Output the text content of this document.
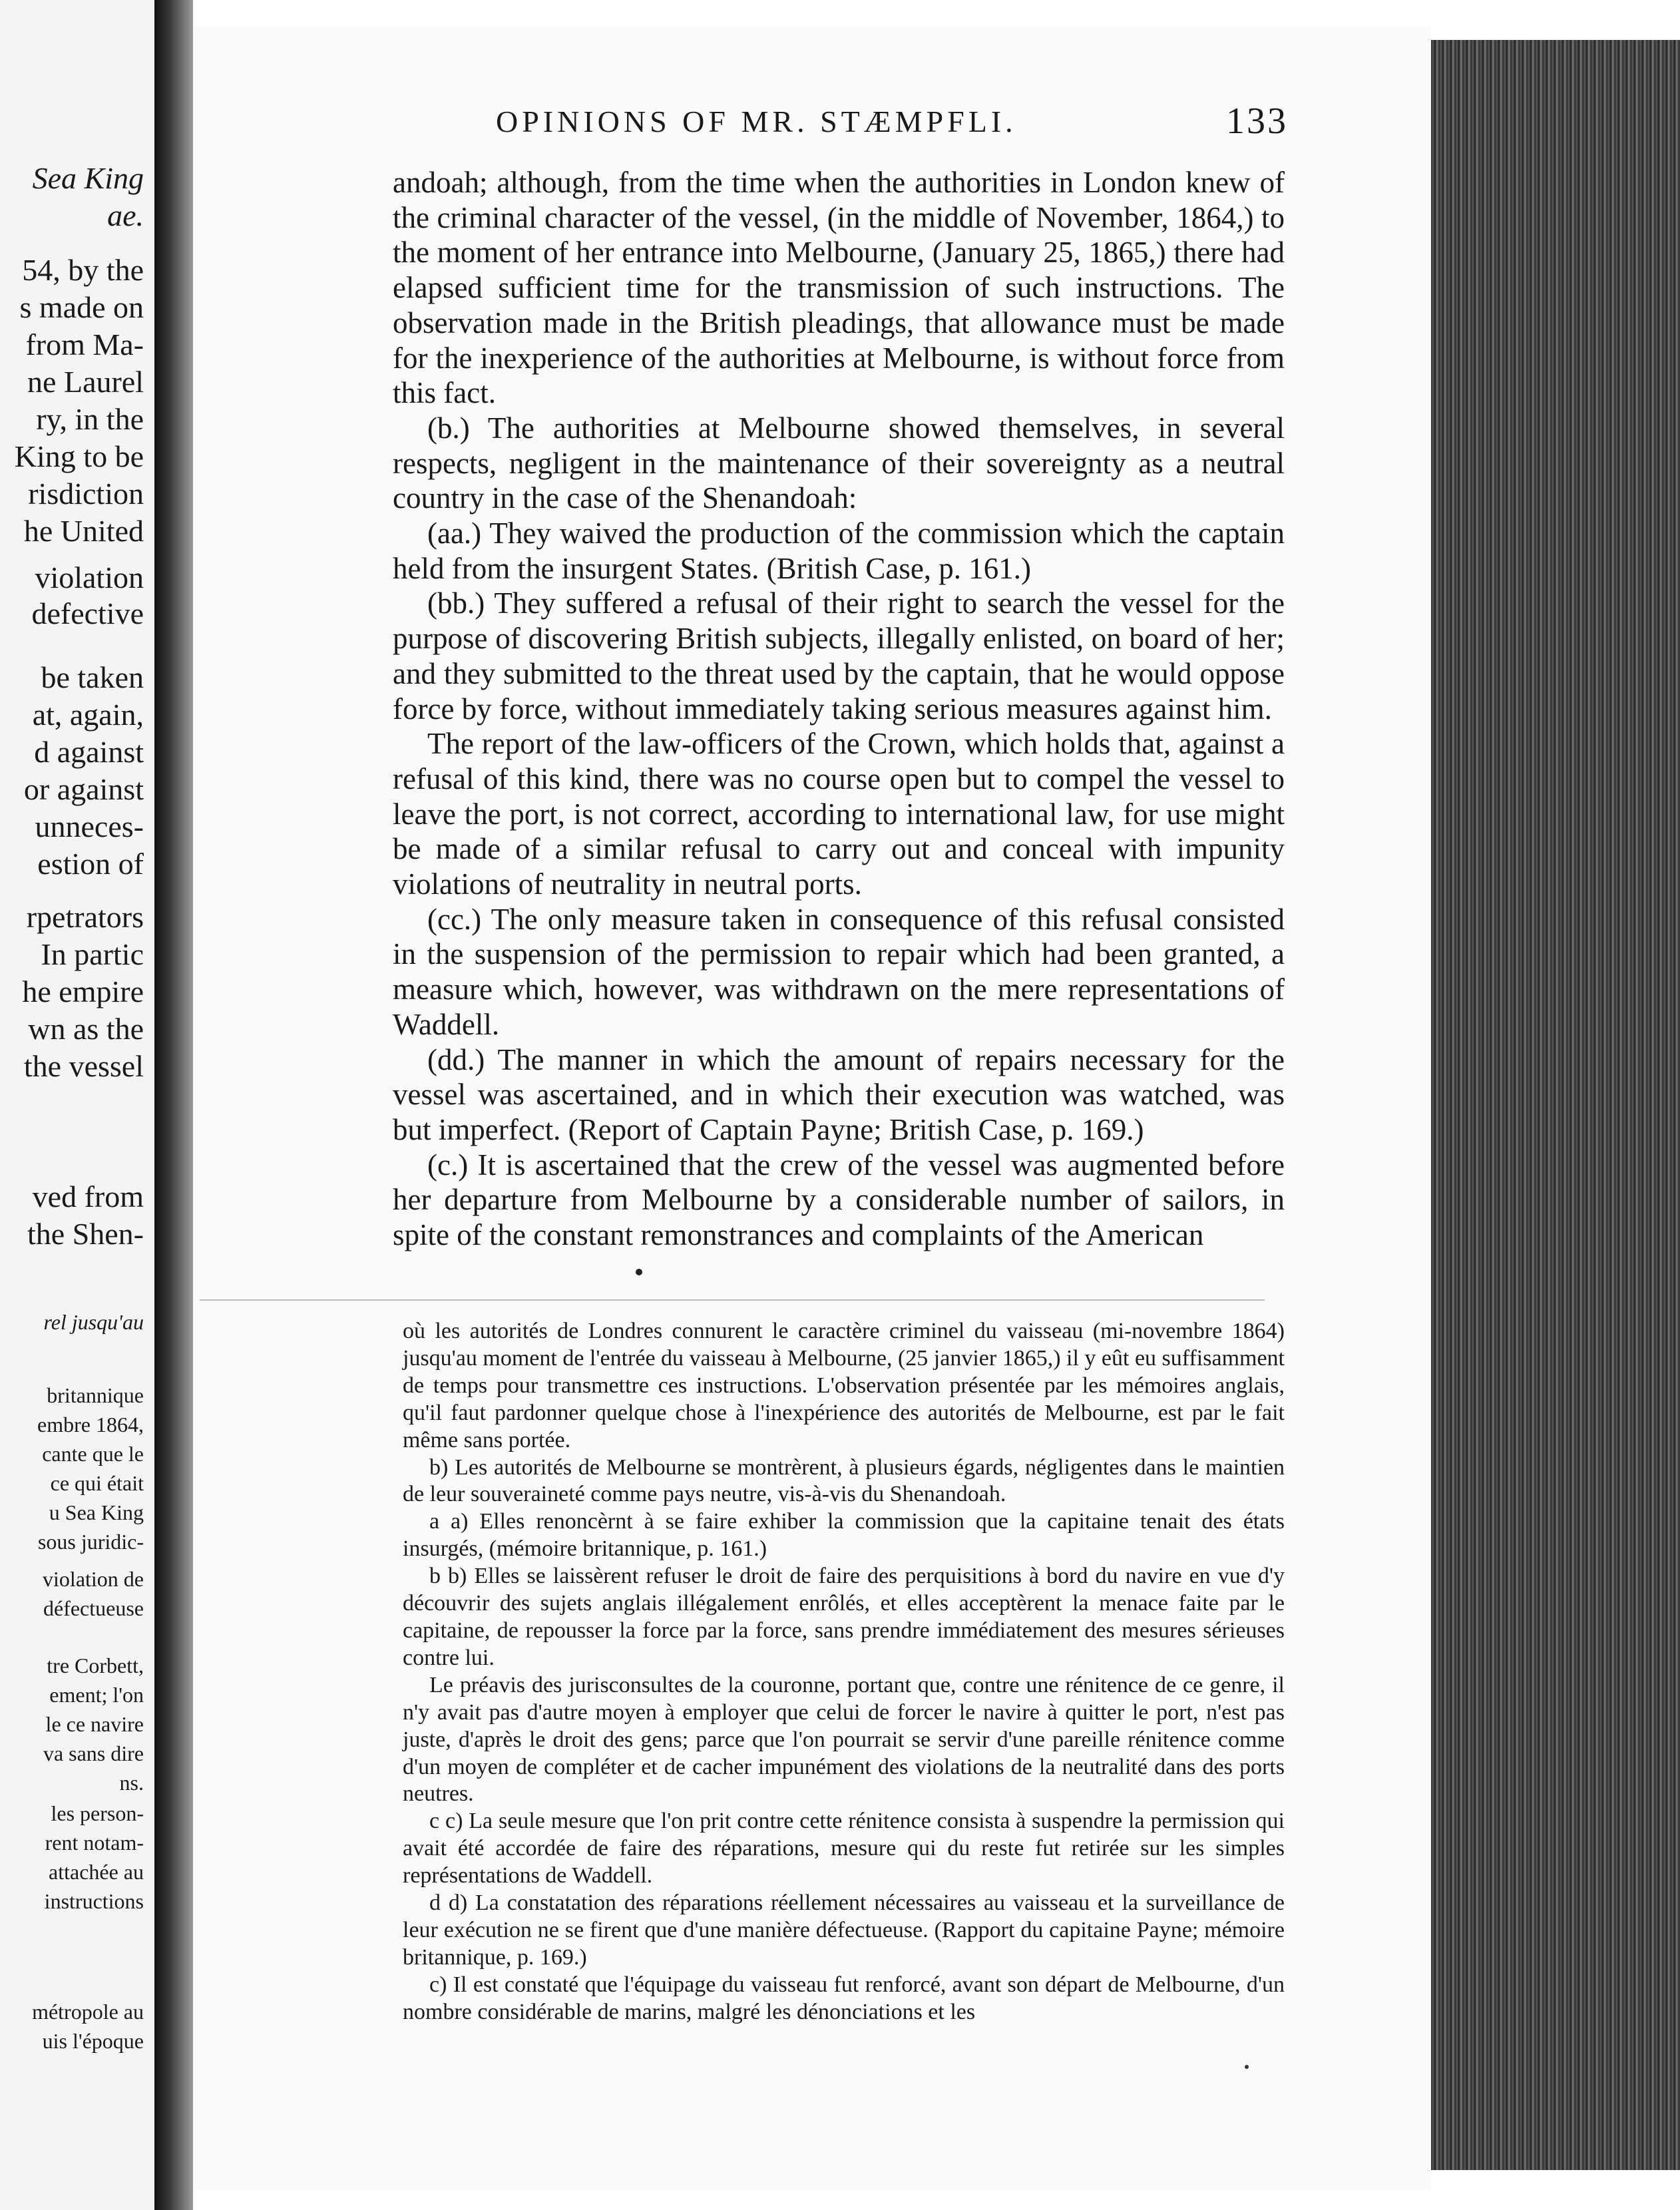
Sea King
ae.
54, by the
s made on
from Ma-
ne Laurel
ry, in the
King to be
risdiction
he United
violation
defective
be taken
at, again,
d against
or against
unneces-
estion of
rpetrators
In partic
he empire
wn as the
the vessel
ved from
the Shen-
rel jusqu'au
britannique
embre 1864,
cante que le
ce qui était
u Sea King
sous juridic-
violation de
défectueuse
tre Corbett,
ement; l'on
le ce navire
va sans dire
ns.
les person-
rent notam-
attachée au
instructions
métropole au
uis l'époque
OPINIONS OF MR. STÆMPFLI.	133

andoah; although, from the time when the authorities in London knew of the criminal character of the vessel, (in the middle of November, 1864,) to the moment of her entrance into Melbourne, (January 25, 1865,) there had elapsed sufficient time for the transmission of such instructions. The observation made in the British pleadings, that allowance must be made for the inexperience of the authorities at Melbourne, is without force from this fact.

(b.) The authorities at Melbourne showed themselves, in several respects, negligent in the maintenance of their sovereignty as a neutral country in the case of the Shenandoah:

(aa.) They waived the production of the commission which the captain held from the insurgent States. (British Case, p. 161.)

(bb.) They suffered a refusal of their right to search the vessel for the purpose of discovering British subjects, illegally enlisted, on board of her; and they submitted to the threat used by the captain, that he would oppose force by force, without immediately taking serious measures against him.

The report of the law-officers of the Crown, which holds that, against a refusal of this kind, there was no course open but to compel the vessel to leave the port, is not correct, according to international law, for use might be made of a similar refusal to carry out and conceal with impunity violations of neutrality in neutral ports.

(cc.) The only measure taken in consequence of this refusal consisted in the suspension of the permission to repair which had been granted, a measure which, however, was withdrawn on the mere representations of Waddell.

(dd.) The manner in which the amount of repairs necessary for the vessel was ascertained, and in which their execution was watched, was but imperfect. (Report of Captain Payne; British Case, p. 169.)

(c.) It is ascertained that the crew of the vessel was augmented before her departure from Melbourne by a considerable number of sailors, in spite of the constant remonstrances and complaints of the American

où les autorités de Londres connurent le caractère criminel du vaisseau (mi-novembre 1864) jusqu'au moment de l'entrée du vaisseau à Melbourne, (25 janvier 1865,) il y eût eu suffisamment de temps pour transmettre ces instructions. L'observation présentée par les mémoires anglais, qu'il faut pardonner quelque chose à l'inexpérience des autorités de Melbourne, est par le fait même sans portée.

b) Les autorités de Melbourne se montrèrent, à plusieurs égards, négligentes dans le maintien de leur souveraineté comme pays neutre, vis-à-vis du Shenandoah.

a a) Elles renoncèrnt à se faire exhiber la commission que la capitaine tenait des états insurgés, (mémoire britannique, p. 161.)

b b) Elles se laissèrent refuser le droit de faire des perquisitions à bord du navire en vue d'y découvrir des sujets anglais illégalement enrôlés, et elles acceptèrent la menace faite par le capitaine, de repousser la force par la force, sans prendre immédiatement des mesures sérieuses contre lui.

Le préavis des jurisconsultes de la couronne, portant que, contre une rénitence de ce genre, il n'y avait pas d'autre moyen à employer que celui de forcer le navire à quitter le port, n'est pas juste, d'après le droit des gens; parce que l'on pourrait se servir d'une pareille rénitence comme d'un moyen de compléter et de cacher impunément des violations de la neutralité dans des ports neutres.

c c) La seule mesure que l'on prit contre cette rénitence consista à suspendre la permission qui avait été accordée de faire des réparations, mesure qui du reste fut retirée sur les simples représentations de Waddell.

d d) La constatation des réparations réellement nécessaires au vaisseau et la surveillance de leur exécution ne se firent que d'une manière défectueuse. (Rapport du capitaine Payne; mémoire britannique, p. 169.)

c) Il est constaté que l'équipage du vaisseau fut renforcé, avant son départ de Melbourne, d'un nombre considérable de marins, malgré les dénonciations et les
